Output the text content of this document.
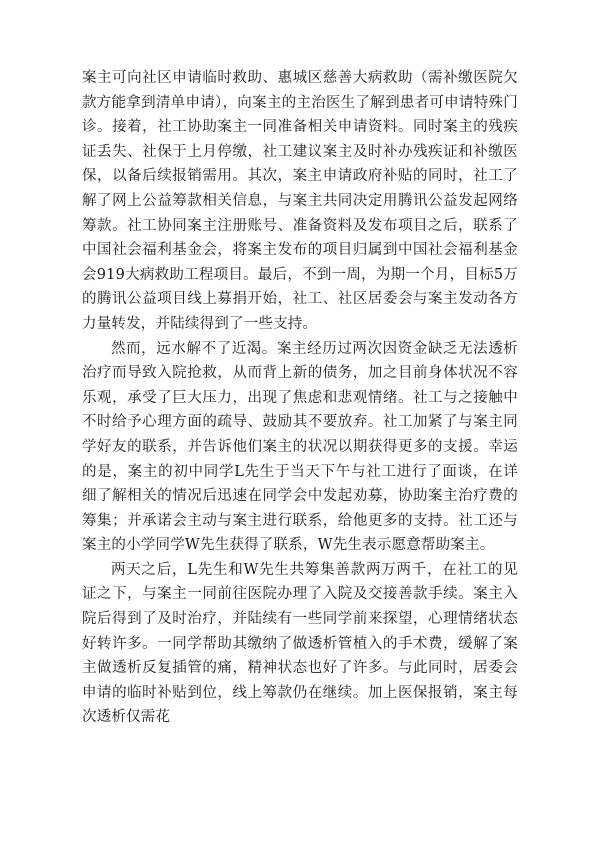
案主可向社区申请临时救助、惠城区慈善大病救助（需补缴医院欠款方能拿到清单申请），向案主的主治医生了解到患者可申请特殊门诊。接着，社工协助案主一同准备相关申请资料。同时案主的残疾证丢失、社保于上月停缴，社工建议案主及时补办残疾证和补缴医保，以备后续报销需用。其次，案主申请政府补贴的同时，社工了解了网上公益筹款相关信息，与案主共同决定用腾讯公益发起网络筹款。社工协同案主注册账号、准备资料及发布项目之后，联系了中国社会福利基金会，将案主发布的项目归属到中国社会福利基金会919大病救助工程项目。最后，不到一周，为期一个月，目标5万的腾讯公益项目线上募捐开始，社工、社区居委会与案主发动各方力量转发，并陆续得到了一些支持。

然而，远水解不了近渴。案主经历过两次因资金缺乏无法透析治疗而导致入院抢救，从而背上新的债务，加之目前身体状况不容乐观，承受了巨大压力，出现了焦虑和悲观情绪。社工与之接触中不时给予心理方面的疏导、鼓励其不要放弃。社工加紧了与案主同学好友的联系，并告诉他们案主的状况以期获得更多的支援。幸运的是，案主的初中同学L先生于当天下午与社工进行了面谈，在详细了解相关的情况后迅速在同学会中发起劝募，协助案主治疗费的筹集；并承诺会主动与案主进行联系，给他更多的支持。社工还与案主的小学同学W先生获得了联系，W先生表示愿意帮助案主。

两天之后，L先生和W先生共筹集善款两万两千，在社工的见证之下，与案主一同前往医院办理了入院及交接善款手续。案主入院后得到了及时治疗，并陆续有一些同学前来探望，心理情绪状态好转许多。一同学帮助其缴纳了做透析管植入的手术费，缓解了案主做透析反复插管的痛，精神状态也好了许多。与此同时，居委会申请的临时补贴到位，线上筹款仍在继续。加上医保报销，案主每次透析仅需花
